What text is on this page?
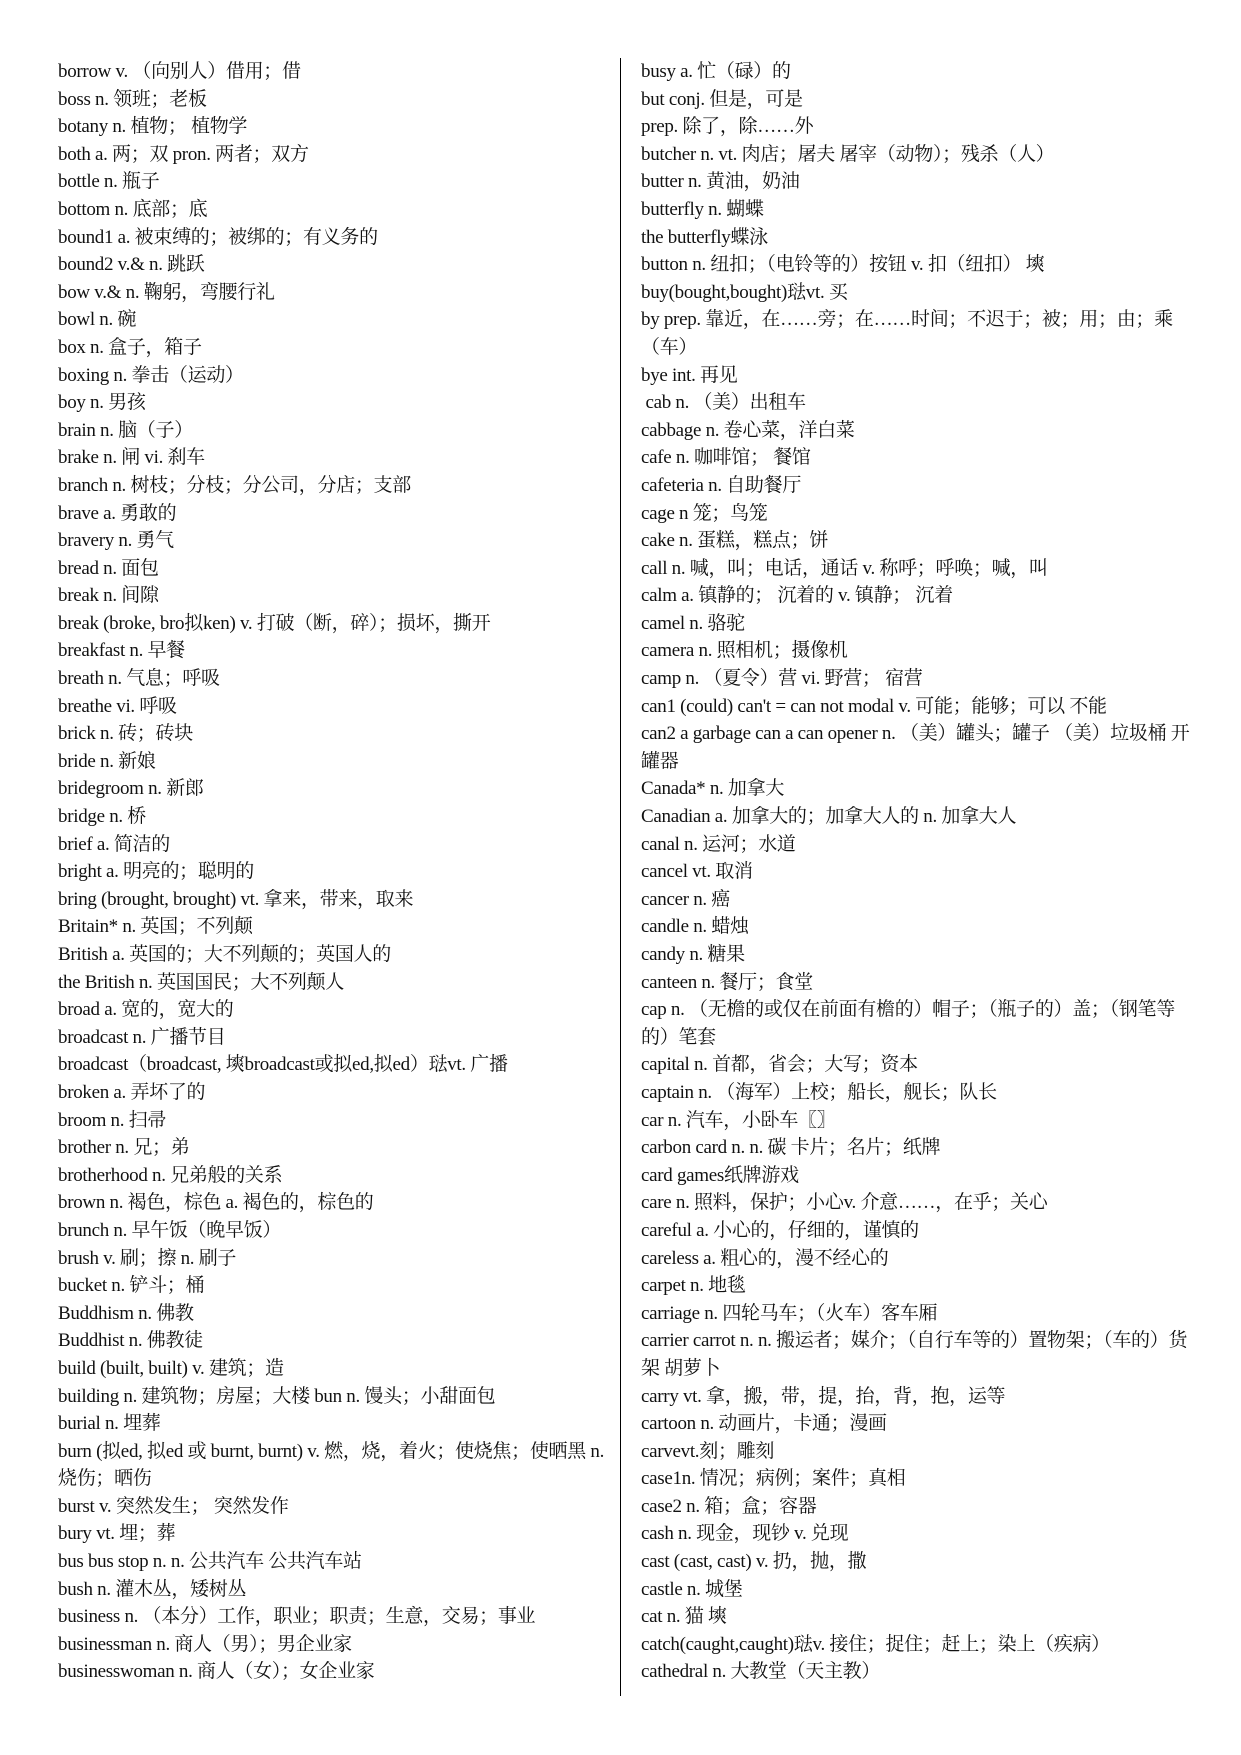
borrow v. （向别人）借用；借
boss n. 领班；老板
botany n. 植物； 植物学
both a. 两；双 pron. 两者；双方
bottle n. 瓶子
bottom n. 底部；底
bound1 a. 被束缚的；被绑的；有义务的
bound2 v.& n. 跳跃
bow v.& n. 鞠躬，弯腰行礼
bowl n. 碗
box n. 盒子，箱子
boxing n. 拳击（运动）
boy n. 男孩
brain n. 脑（子）
brake n. 闸 vi. 刹车
branch n. 树枝；分枝；分公司，分店；支部
brave a. 勇敢的
bravery n. 勇气
bread n. 面包
break n. 间隙
break (broke, bro拟ken) v. 打破（断，碎）；损坏，撕开
breakfast n. 早餐
breath n. 气息；呼吸
breathe vi. 呼吸
brick n. 砖；砖块
bride n. 新娘
bridegroom n. 新郎
bridge n. 桥
brief a. 简洁的
bright a. 明亮的；聪明的
bring (brought, brought) vt. 拿来，带来，取来
Britain* n. 英国；不列颠
British a. 英国的；大不列颠的；英国人的
the British n. 英国国民；大不列颠人
broad a. 宽的，宽大的
broadcast n. 广播节目
broadcast（broadcast, 塽broadcast或拟ed,拟ed）琺vt. 广播
broken a. 弄坏了的
broom n. 扫帚
brother n. 兄；弟
brotherhood n. 兄弟般的关系
brown n. 褐色，棕色 a. 褐色的，棕色的
brunch n. 早午饭（晚早饭）
brush v. 刷；擦 n. 刷子
bucket n. 铲斗；桶
Buddhism n. 佛教
Buddhist n. 佛教徒
build (built, built) v. 建筑；造
building n. 建筑物；房屋；大楼 bun n. 馒头；小甜面包
burial n. 埋葬
burn (拟ed, 拟ed 或 burnt, burnt) v. 燃，烧，着火；使烧焦；使晒黑 n. 烧伤；晒伤
burst v. 突然发生； 突然发作
bury vt. 埋；葬
bus bus stop n. n. 公共汽车 公共汽车站
bush n. 灌木丛，矮树丛
business n. （本分）工作，职业；职责；生意，交易；事业
businessman n. 商人（男）；男企业家
businesswoman n. 商人（女）；女企业家
busy a. 忙（碌）的
but conj. 但是，可是
prep. 除了，除……外
butcher n. vt. 肉店；屠夫 屠宰（动物）；残杀（人）
butter n. 黄油，奶油
butterfly n. 蝴蝶
the butterfly蝶泳
button n. 纽扣；（电铃等的）按钮 v. 扣（纽扣） 塽
buy(bought,bought)琺vt. 买
by prep. 靠近，在……旁；在……时间；不迟于；被；用；由；乘（车）
bye int. 再见
cab n. （美）出租车
cabbage n. 卷心菜，洋白菜
cafe n. 咖啡馆； 餐馆
cafeteria n. 自助餐厅
cage n 笼；鸟笼
cake n. 蛋糕，糕点；饼
call n. 喊，叫；电话，通话 v. 称呼；呼唤；喊，叫
calm a. 镇静的； 沉着的 v. 镇静； 沉着
camel n. 骆驼
camera n. 照相机；摄像机
camp n. （夏令）营 vi. 野营； 宿营
can1 (could) can't = can not modal v. 可能；能够；可以 不能
can2 a garbage can a can opener n. （美）罐头；罐子 （美）垃圾桶 开罐器
Canada* n. 加拿大
Canadian a. 加拿大的；加拿大人的 n. 加拿大人
canal n. 运河；水道
cancel vt. 取消
cancer n. 癌
candle n. 蜡烛
candy n. 糖果
canteen n. 餐厅；食堂
cap n. （无檐的或仅在前面有檐的）帽子；（瓶子的）盖；（钢笔等的）笔套
capital n. 首都，省会；大写；资本
captain n. （海军）上校；船长，舰长；队长
car n. 汽车，小卧车〖〗
carbon card n. n. 碳 卡片；名片；纸牌
card games纸牌游戏
care n. 照料，保护；小心v. 介意……，在乎；关心
careful a. 小心的，仔细的，谨慎的
careless a. 粗心的，漫不经心的
carpet n. 地毯
carriage n. 四轮马车；（火车）客车厢
carrier carrot n. n. 搬运者；媒介；（自行车等的）置物架；（车的）货架 胡萝卜
carry vt. 拿，搬，带，提，抬，背，抱，运等
cartoon n. 动画片，卡通；漫画
carvevt.刻；雕刻
case1n. 情况；病例；案件；真相
case2 n. 箱；盒；容器
cash n. 现金，现钞 v. 兑现
cast (cast, cast) v. 扔，抛，撒
castle n. 城堡
cat n. 猫 塽
catch(caught,caught)琺v. 接住；捉住；赶上；染上（疾病）
cathedral n. 大教堂（天主教）
